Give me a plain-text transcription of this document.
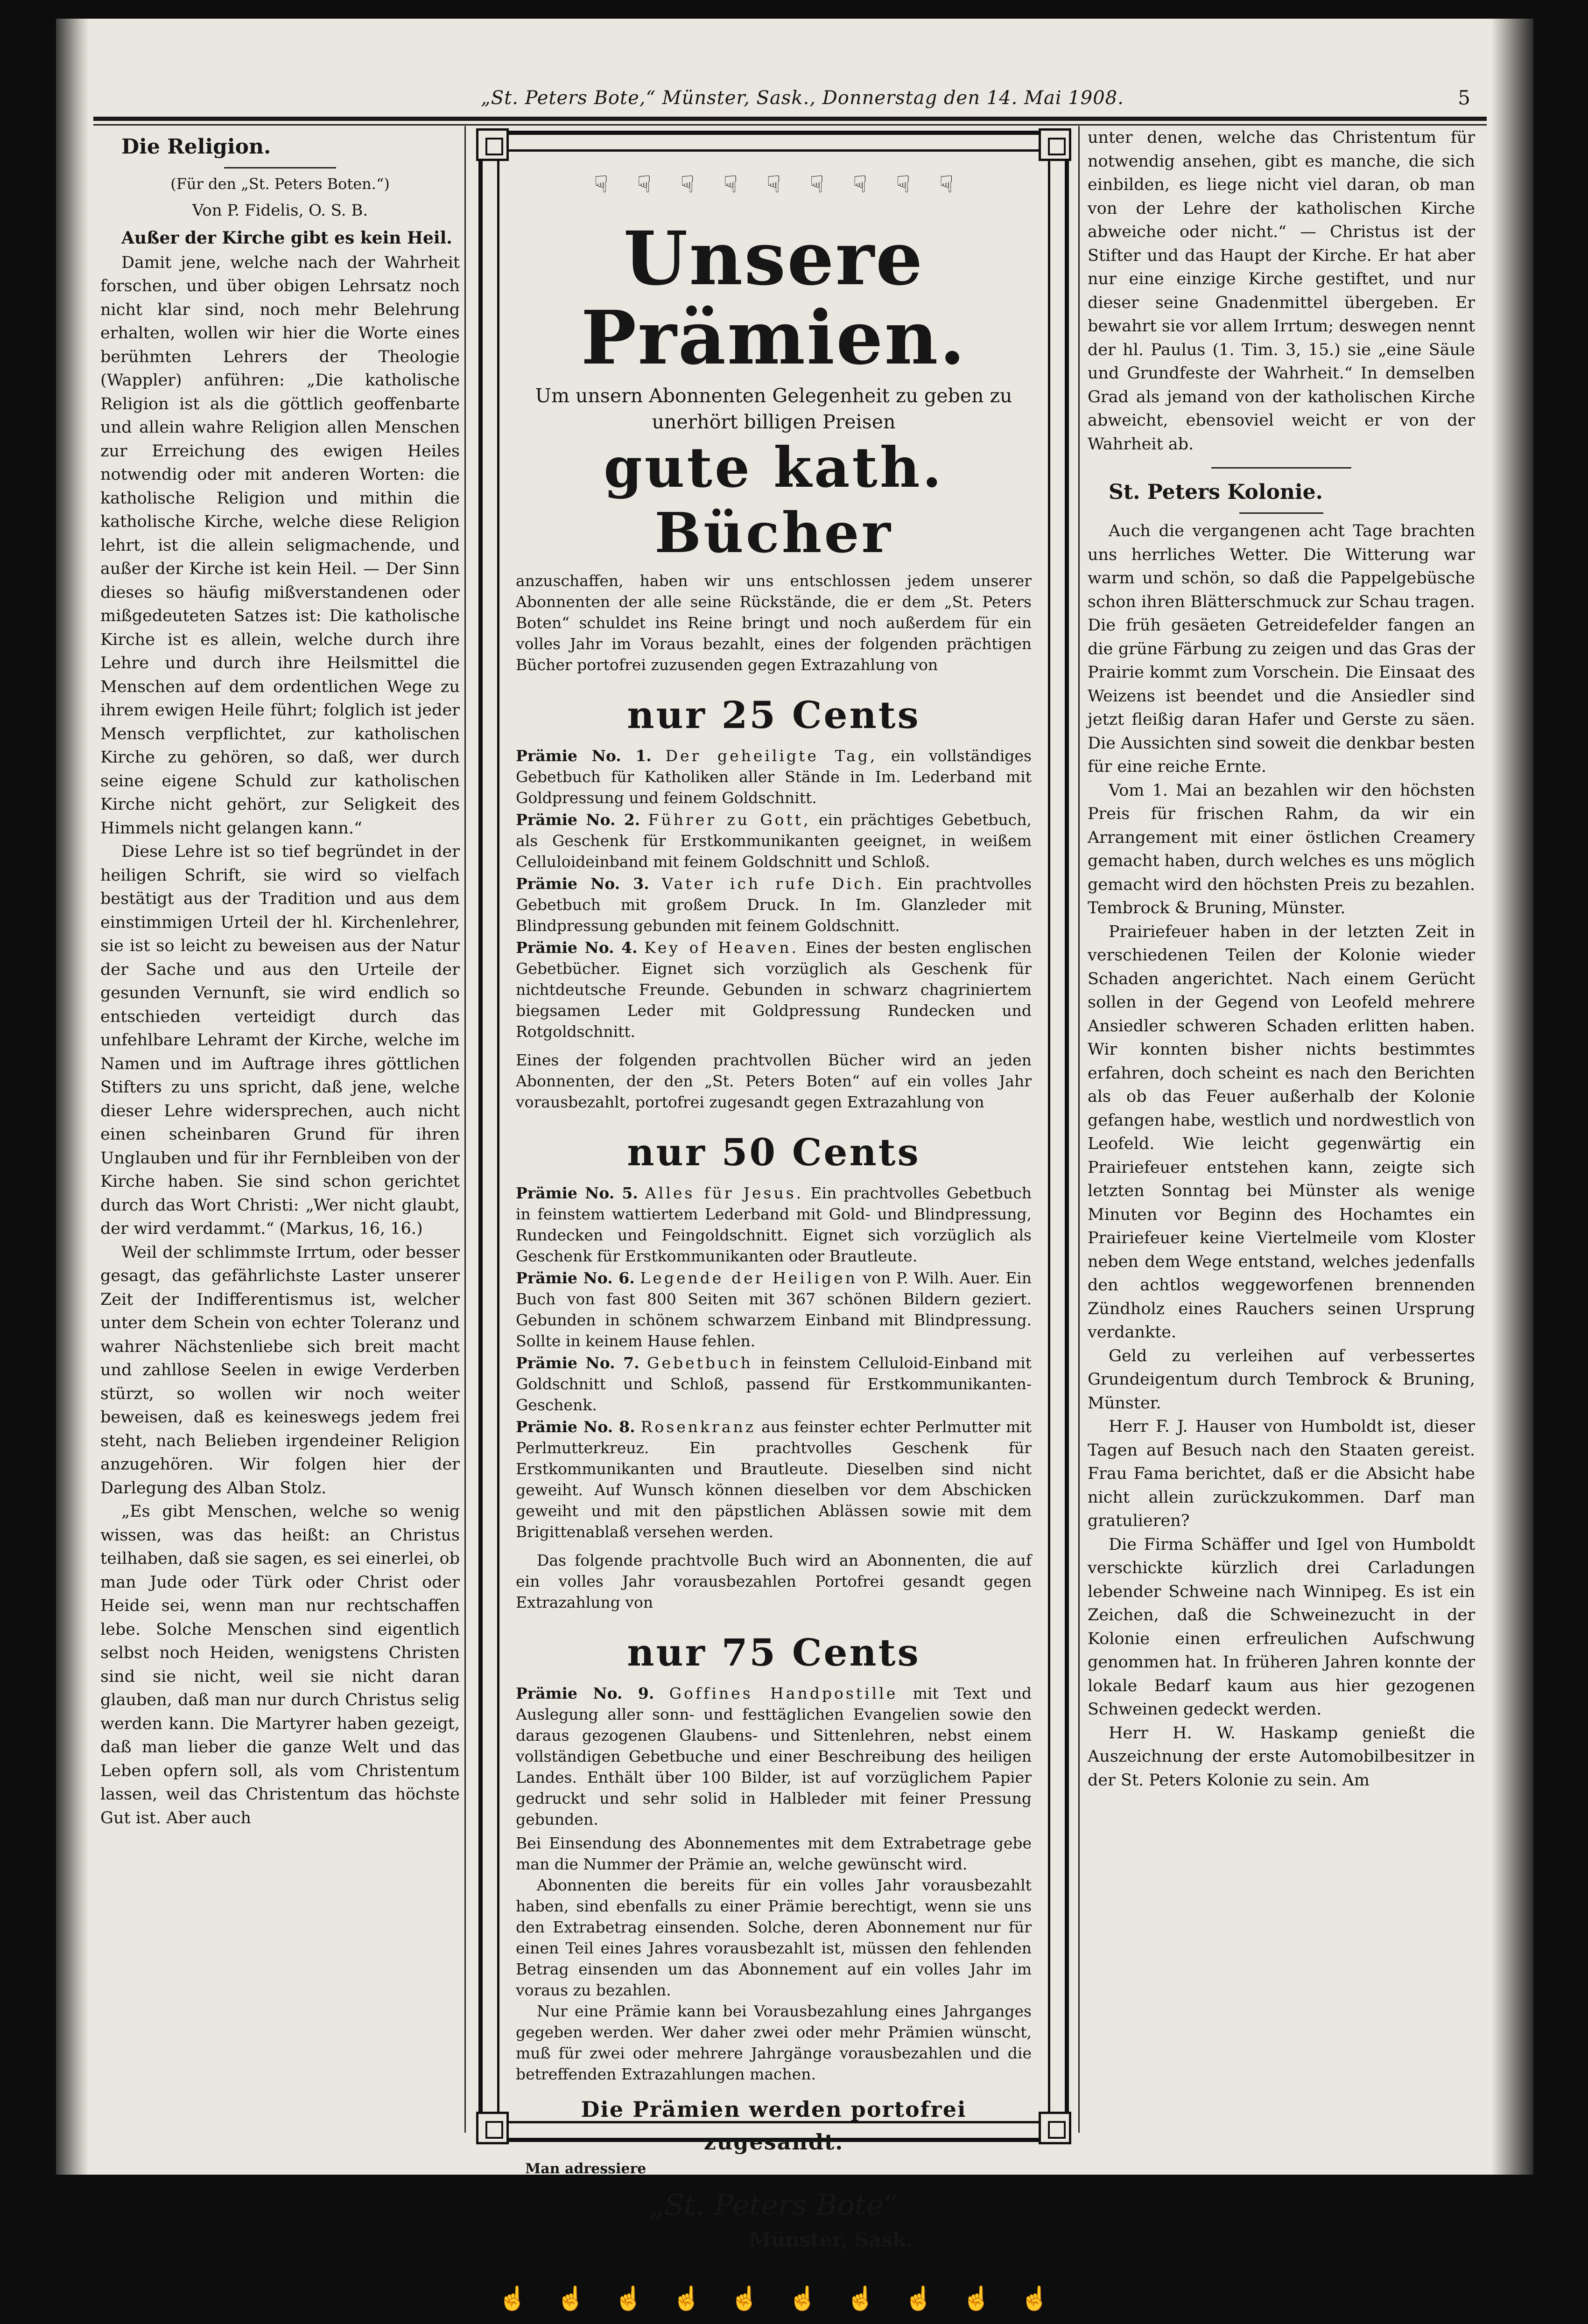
„St. Peters Bote,“ Münster, Sask., Donnerstag den 14. Mai 1908.	5

Die Religion.

(Für den „St. Peters Boten.“)

Von P. Fidelis, O. S. B.

Außer der Kirche gibt es kein Heil.

Damit jene, welche nach der Wahrheit forschen, und über obigen Lehrsatz noch nicht klar sind, noch mehr Belehrung erhalten, wollen wir hier die Worte eines berühmten Lehrers der Theologie (Wappler) anführen: „Die katholische Religion ist als die göttlich geoffenbarte und allein wahre Religion allen Menschen zur Erreichung des ewigen Heiles notwendig oder mit anderen Worten: die katholische Religion und mithin die katholische Kirche, welche diese Religion lehrt, ist die allein seligmachende, und außer der Kirche ist kein Heil. — Der Sinn dieses so häufig mißverstandenen oder mißgedeuteten Satzes ist: Die katholische Kirche ist es allein, welche durch ihre Lehre und durch ihre Heilsmittel die Menschen auf dem ordentlichen Wege zu ihrem ewigen Heile führt; folglich ist jeder Mensch verpflichtet, zur katholischen Kirche zu gehören, so daß, wer durch seine eigene Schuld zur katholischen Kirche nicht gehört, zur Seligkeit des Himmels nicht gelangen kann.“

Diese Lehre ist so tief begründet in der heiligen Schrift, sie wird so vielfach bestätigt aus der Tradition und aus dem einstimmigen Urteil der hl. Kirchenlehrer, sie ist so leicht zu beweisen aus der Natur der Sache und aus den Urteile der gesunden Vernunft, sie wird endlich so entschieden verteidigt durch das unfehlbare Lehramt der Kirche, welche im Namen und im Auftrage ihres göttlichen Stifters zu uns spricht, daß jene, welche dieser Lehre widersprechen, auch nicht einen scheinbaren Grund für ihren Unglauben und für ihr Fernbleiben von der Kirche haben. Sie sind schon gerichtet durch das Wort Christi: „Wer nicht glaubt, der wird verdammt.“ (Markus, 16, 16.)

Weil der schlimmste Irrtum, oder besser gesagt, das gefährlichste Laster unserer Zeit der Indifferentismus ist, welcher unter dem Schein von echter Toleranz und wahrer Nächstenliebe sich breit macht und zahllose Seelen in ewige Verderben stürzt, so wollen wir noch weiter beweisen, daß es keineswegs jedem frei steht, nach Belieben irgendeiner Religion anzugehören. Wir folgen hier der Darlegung des Alban Stolz.

„Es gibt Menschen, welche so wenig wissen, was das heißt: an Christus teilhaben, daß sie sagen, es sei einerlei, ob man Jude oder Türk oder Christ oder Heide sei, wenn man nur rechtschaffen lebe. Solche Menschen sind eigentlich selbst noch Heiden, wenigstens Christen sind sie nicht, weil sie nicht daran glauben, daß man nur durch Christus selig werden kann. Die Martyrer haben gezeigt, daß man lieber die ganze Welt und das Leben opfern soll, als vom Christentum lassen, weil das Christentum das höchste Gut ist. Aber auch

☟ ☟ ☟ ☟ ☟ ☟ ☟ ☟ ☟
Unsere Prämien.
Um unsern Abonnenten Gelegenheit zu geben zu unerhört billigen Preisen
gute kath. Bücher

anzuschaffen, haben wir uns entschlossen jedem unserer Abonnenten der alle seine Rückstände, die er dem „St. Peters Boten“ schuldet ins Reine bringt und noch außerdem für ein volles Jahr im Voraus bezahlt, eines der folgenden prächtigen Bücher portofrei zuzusenden gegen Extrazahlung von

nur 25 Cents

Prämie No. 1. Der geheiligte Tag, ein vollständiges Gebetbuch für Katholiken aller Stände in Im. Lederband mit Goldpressung und feinem Goldschnitt.

Prämie No. 2. Führer zu Gott, ein prächtiges Gebetbuch, als Geschenk für Erstkommunikanten geeignet, in weißem Celluloideinband mit feinem Goldschnitt und Schloß.

Prämie No. 3. Vater ich rufe Dich. Ein prachtvolles Gebetbuch mit großem Druck. In Im. Glanzleder mit Blindpressung gebunden mit feinem Goldschnitt.

Prämie No. 4. Key of Heaven. Eines der besten englischen Gebetbücher. Eignet sich vorzüglich als Geschenk für nichtdeutsche Freunde. Gebunden in schwarz chagriniertem biegsamen Leder mit Goldpressung Rundecken und Rotgoldschnitt.

Eines der folgenden prachtvollen Bücher wird an jeden Abonnenten, der den „St. Peters Boten“ auf ein volles Jahr vorausbezahlt, portofrei zugesandt gegen Extrazahlung von

nur 50 Cents

Prämie No. 5. Alles für Jesus. Ein prachtvolles Gebetbuch in feinstem wattiertem Lederband mit Gold- und Blindpressung, Rundecken und Feingoldschnitt. Eignet sich vorzüglich als Geschenk für Erstkommunikanten oder Brautleute.

Prämie No. 6. Legende der Heiligen von P. Wilh. Auer. Ein Buch von fast 800 Seiten mit 367 schönen Bildern geziert. Gebunden in schönem schwarzem Einband mit Blindpressung. Sollte in keinem Hause fehlen.

Prämie No. 7. Gebetbuch in feinstem Celluloid-Einband mit Goldschnitt und Schloß, passend für Erstkommunikanten-Geschenk.

Prämie No. 8. Rosenkranz aus feinster echter Perlmutter mit Perlmutterkreuz. Ein prachtvolles Geschenk für Erstkommunikanten und Brautleute. Dieselben sind nicht geweiht. Auf Wunsch können dieselben vor dem Abschicken geweiht und mit den päpstlichen Ablässen sowie mit dem Brigittenablaß versehen werden.

Das folgende prachtvolle Buch wird an Abonnenten, die auf ein volles Jahr vorausbezahlen Portofrei gesandt gegen Extrazahlung von

nur 75 Cents

Prämie No. 9. Goffines Handpostille mit Text und Auslegung aller sonn- und festtäglichen Evangelien sowie den daraus gezogenen Glaubens- und Sittenlehren, nebst einem vollständigen Gebetbuche und einer Beschreibung des heiligen Landes. Enthält über 100 Bilder, ist auf vorzüglichem Papier gedruckt und sehr solid in Halbleder mit feiner Pressung gebunden.

Bei Einsendung des Abonnementes mit dem Extrabetrage gebe man die Nummer der Prämie an, welche gewünscht wird.

Abonnenten die bereits für ein volles Jahr vorausbezahlt haben, sind ebenfalls zu einer Prämie berechtigt, wenn sie uns den Extrabetrag einsenden. Solche, deren Abonnement nur für einen Teil eines Jahres vorausbezahlt ist, müssen den fehlenden Betrag einsenden um das Abonnement auf ein volles Jahr im voraus zu bezahlen.

Nur eine Prämie kann bei Vorausbezahlung eines Jahrganges gegeben werden. Wer daher zwei oder mehr Prämien wünscht, muß für zwei oder mehrere Jahrgänge vorausbezahlen und die betreffenden Extrazahlungen machen.

Die Prämien werden portofrei zugesandt.
Man adressiere
„St. Peters Bote“
Münster, Sask.
☝ ☝ ☝ ☝ ☝ ☝ ☝ ☝ ☝ ☝

unter denen, welche das Christentum für notwendig ansehen, gibt es manche, die sich einbilden, es liege nicht viel daran, ob man von der Lehre der katholischen Kirche abweiche oder nicht.“ — Christus ist der Stifter und das Haupt der Kirche. Er hat aber nur eine einzige Kirche gestiftet, und nur dieser seine Gnadenmittel übergeben. Er bewahrt sie vor allem Irrtum; deswegen nennt der hl. Paulus (1. Tim. 3, 15.) sie „eine Säule und Grundfeste der Wahrheit.“ In demselben Grad als jemand von der katholischen Kirche abweicht, ebensoviel weicht er von der Wahrheit ab.

St. Peters Kolonie.

Auch die vergangenen acht Tage brachten uns herrliches Wetter. Die Witterung war warm und schön, so daß die Pappelgebüsche schon ihren Blätterschmuck zur Schau tragen. Die früh gesäeten Getreidefelder fangen an die grüne Färbung zu zeigen und das Gras der Prairie kommt zum Vorschein. Die Einsaat des Weizens ist beendet und die Ansiedler sind jetzt fleißig daran Hafer und Gerste zu säen. Die Aussichten sind soweit die denkbar besten für eine reiche Ernte.

Vom 1. Mai an bezahlen wir den höchsten Preis für frischen Rahm, da wir ein Arrangement mit einer östlichen Creamery gemacht haben, durch welches es uns möglich gemacht wird den höchsten Preis zu bezahlen. Tembrock & Bruning, Münster.

Prairiefeuer haben in der letzten Zeit in verschiedenen Teilen der Kolonie wieder Schaden angerichtet. Nach einem Gerücht sollen in der Gegend von Leofeld mehrere Ansiedler schweren Schaden erlitten haben. Wir konnten bisher nichts bestimmtes erfahren, doch scheint es nach den Berichten als ob das Feuer außerhalb der Kolonie gefangen habe, westlich und nordwestlich von Leofeld. Wie leicht gegenwärtig ein Prairiefeuer entstehen kann, zeigte sich letzten Sonntag bei Münster als wenige Minuten vor Beginn des Hochamtes ein Prairiefeuer keine Viertelmeile vom Kloster neben dem Wege entstand, welches jedenfalls den achtlos weggeworfenen brennenden Zündholz eines Rauchers seinen Ursprung verdankte.

Geld zu verleihen auf verbessertes Grundeigentum durch Tembrock & Bruning, Münster.

Herr F. J. Hauser von Humboldt ist, dieser Tagen auf Besuch nach den Staaten gereist. Frau Fama berichtet, daß er die Absicht habe nicht allein zurückzukommen. Darf man gratulieren?

Die Firma Schäffer und Igel von Humboldt verschickte kürzlich drei Carladungen lebender Schweine nach Winnipeg. Es ist ein Zeichen, daß die Schweinezucht in der Kolonie einen erfreulichen Aufschwung genommen hat. In früheren Jahren konnte der lokale Bedarf kaum aus hier gezogenen Schweinen gedeckt werden.

Herr H. W. Haskamp genießt die Auszeichnung der erste Automobilbesitzer in der St. Peters Kolonie zu sein. Am
